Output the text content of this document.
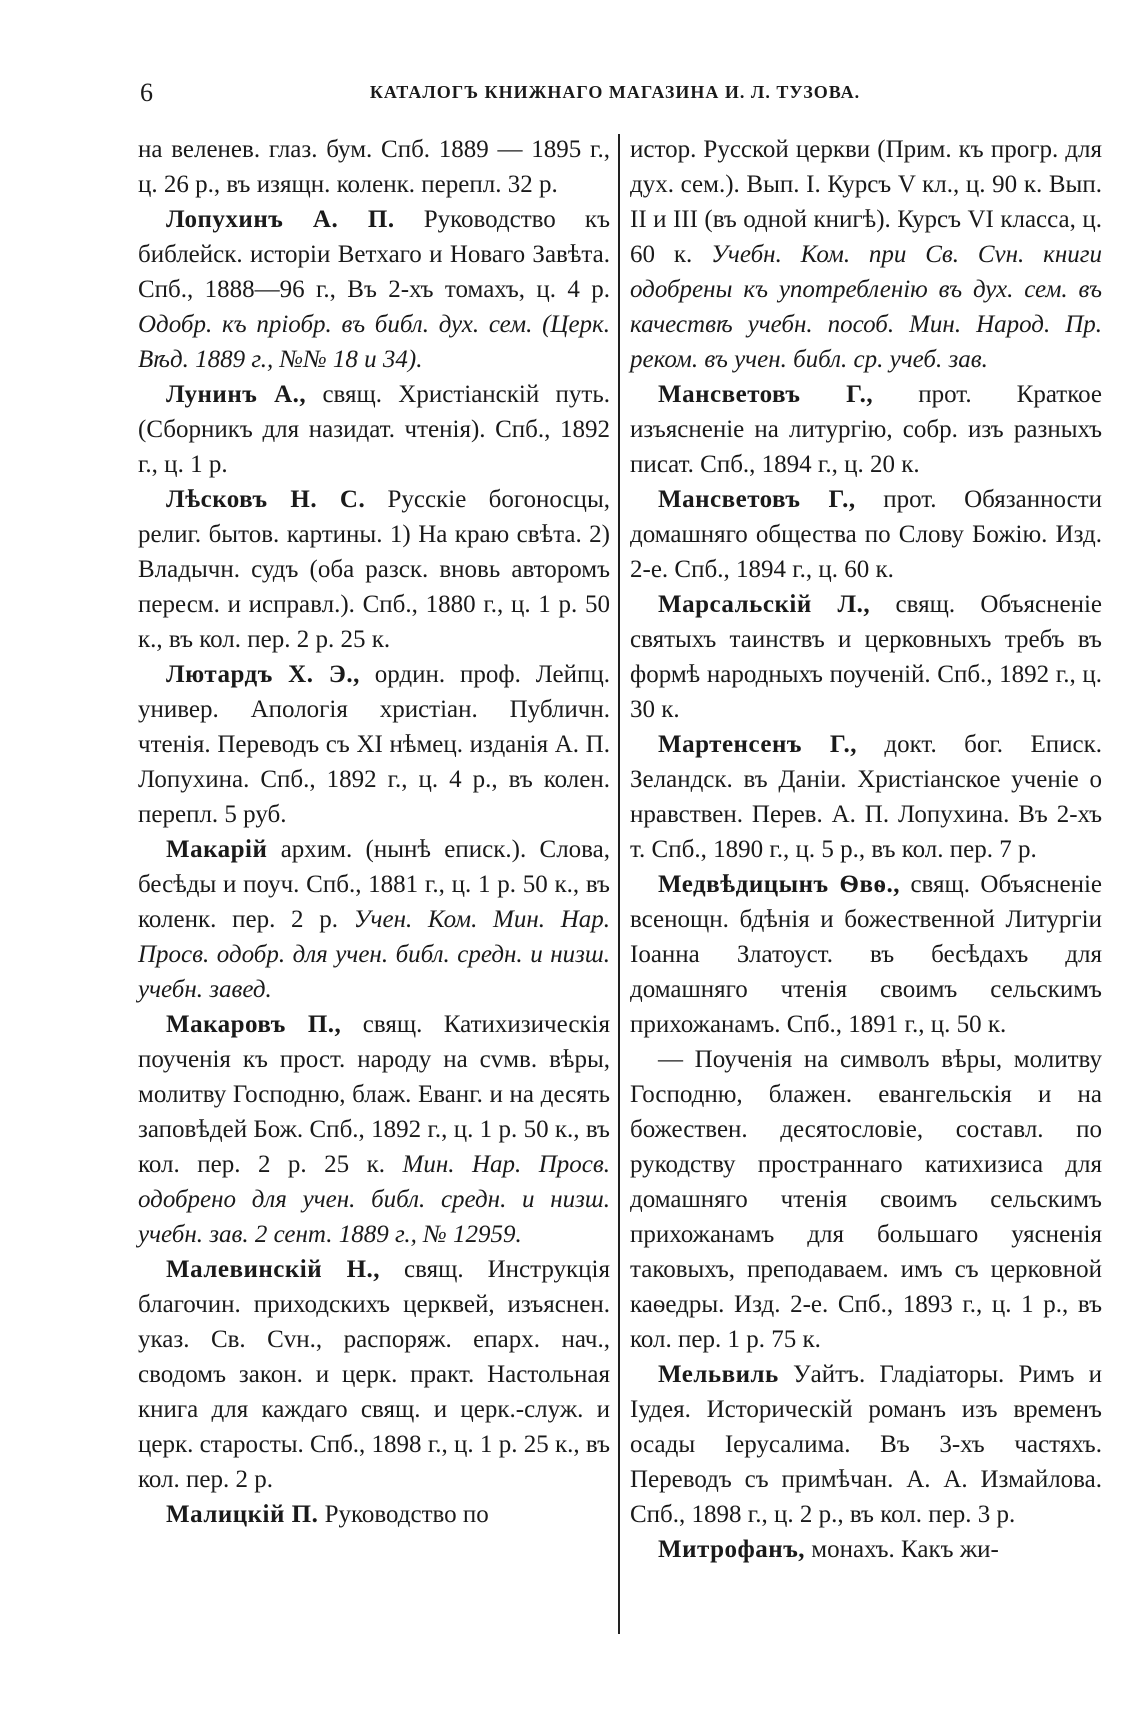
6	КАТАЛОГЪ КНИЖНАГО МАГАЗИНА И. Л. ТУЗОВА.

на веленев. глаз. бум. Спб. 1889 — 1895 г., ц. 26 р., въ изящн. коленк. перепл. 32 р.

Лопухинъ А. П. Руководство къ библейск. исторіи Ветхаго и Новаго Завѣта. Спб., 1888—96 г., Въ 2-хъ томахъ, ц. 4 р. Одобр. къ пріобр. въ библ. дух. сем. (Церк. Вѣд. 1889 г., №№ 18 и 34).

Лунинъ А., свящ. Христіанскій путь. (Сборникъ для назидат. чтенія). Спб., 1892 г., ц. 1 р.

Лѣсковъ Н. С. Русскіе богоносцы, религ. бытов. картины. 1) На краю свѣта. 2) Владычн. судъ (оба разск. вновь авторомъ пересм. и исправл.). Спб., 1880 г., ц. 1 р. 50 к., въ кол. пер. 2 р. 25 к.

Лютардъ Х. Э., ордин. проф. Лейпц. универ. Апологія христіан. Публичн. чтенія. Переводъ съ XI нѣмец. изданія А. П. Лопухина. Спб., 1892 г., ц. 4 р., въ колен. перепл. 5 руб.

Макарій архим. (нынѣ еписк.). Слова, бесѣды и поуч. Спб., 1881 г., ц. 1 р. 50 к., въ коленк. пер. 2 р. Учен. Ком. Мин. Нар. Просв. одобр. для учен. библ. средн. и низш. учебн. завед.

Макаровъ П., свящ. Катихизическія поученія къ прост. народу на сvмв. вѣры, молитву Господню, блаж. Еванг. и на десять заповѣдей Бож. Спб., 1892 г., ц. 1 р. 50 к., въ кол. пер. 2 р. 25 к. Мин. Нар. Просв. одобрено для учен. библ. средн. и низш. учебн. зав. 2 сент. 1889 г., № 12959.

Малевинскій Н., свящ. Инструкція благочин. приходскихъ церквей, изъяснен. указ. Св. Сvн., распоряж. епарх. нач., сводомъ закон. и церк. практ. Настольная книга для каждаго свящ. и церк.-служ. и церк. старосты. Спб., 1898 г., ц. 1 р. 25 к., въ кол. пер. 2 р.

Малицкій П. Руководство по

истор. Русской церкви (Прим. къ прогр. для дух. сем.). Вып. I. Курсъ V кл., ц. 90 к. Вып. II и III (въ одной книгѣ). Курсъ VI класса, ц. 60 к. Учебн. Ком. при Св. Сvн. книги одобрены къ употребленію въ дух. сем. въ качествѣ учебн. пособ. Мин. Народ. Пр. реком. въ учен. библ. ср. учеб. зав.

Мансветовъ Г., прот. Краткое изъясненіе на литургію, собр. изъ разныхъ писат. Спб., 1894 г., ц. 20 к.

Мансветовъ Г., прот. Обязанности домашняго общества по Слову Божію. Изд. 2-е. Спб., 1894 г., ц. 60 к.

Марсальскій Л., свящ. Объясненіе святыхъ таинствъ и церковныхъ требъ въ формѣ народныхъ поученій. Спб., 1892 г., ц. 30 к.

Мартенсенъ Г., докт. бог. Еписк. Зеландск. въ Даніи. Христіанское ученіе о нравствен. Перев. А. П. Лопухина. Въ 2-хъ т. Спб., 1890 г., ц. 5 р., въ кол. пер. 7 р.

Медвѣдицынъ Ѳвѳ., свящ. Объясненіе всенощн. бдѣнія и божественной Литургіи Іоанна Златоуст. въ бесѣдахъ для домашняго чтенія своимъ сельскимъ прихожанамъ. Спб., 1891 г., ц. 50 к.

— Поученія на символъ вѣры, молитву Господню, блажен. евангельскія и на божествен. десятословіе, составл. по рукодству пространнаго катихизиса для домашняго чтенія своимъ сельскимъ прихожанамъ для большаго уясненія таковыхъ, преподаваем. имъ съ церковной каѳедры. Изд. 2-е. Спб., 1893 г., ц. 1 р., въ кол. пер. 1 р. 75 к.

Мельвиль Уайтъ. Гладіаторы. Римъ и Іудея. Историческій романъ изъ временъ осады Іерусалима. Въ 3-хъ частяхъ. Переводъ съ примѣчан. А. А. Измайлова. Спб., 1898 г., ц. 2 р., въ кол. пер. 3 р.

Митрофанъ, монахъ. Какъ жи-
